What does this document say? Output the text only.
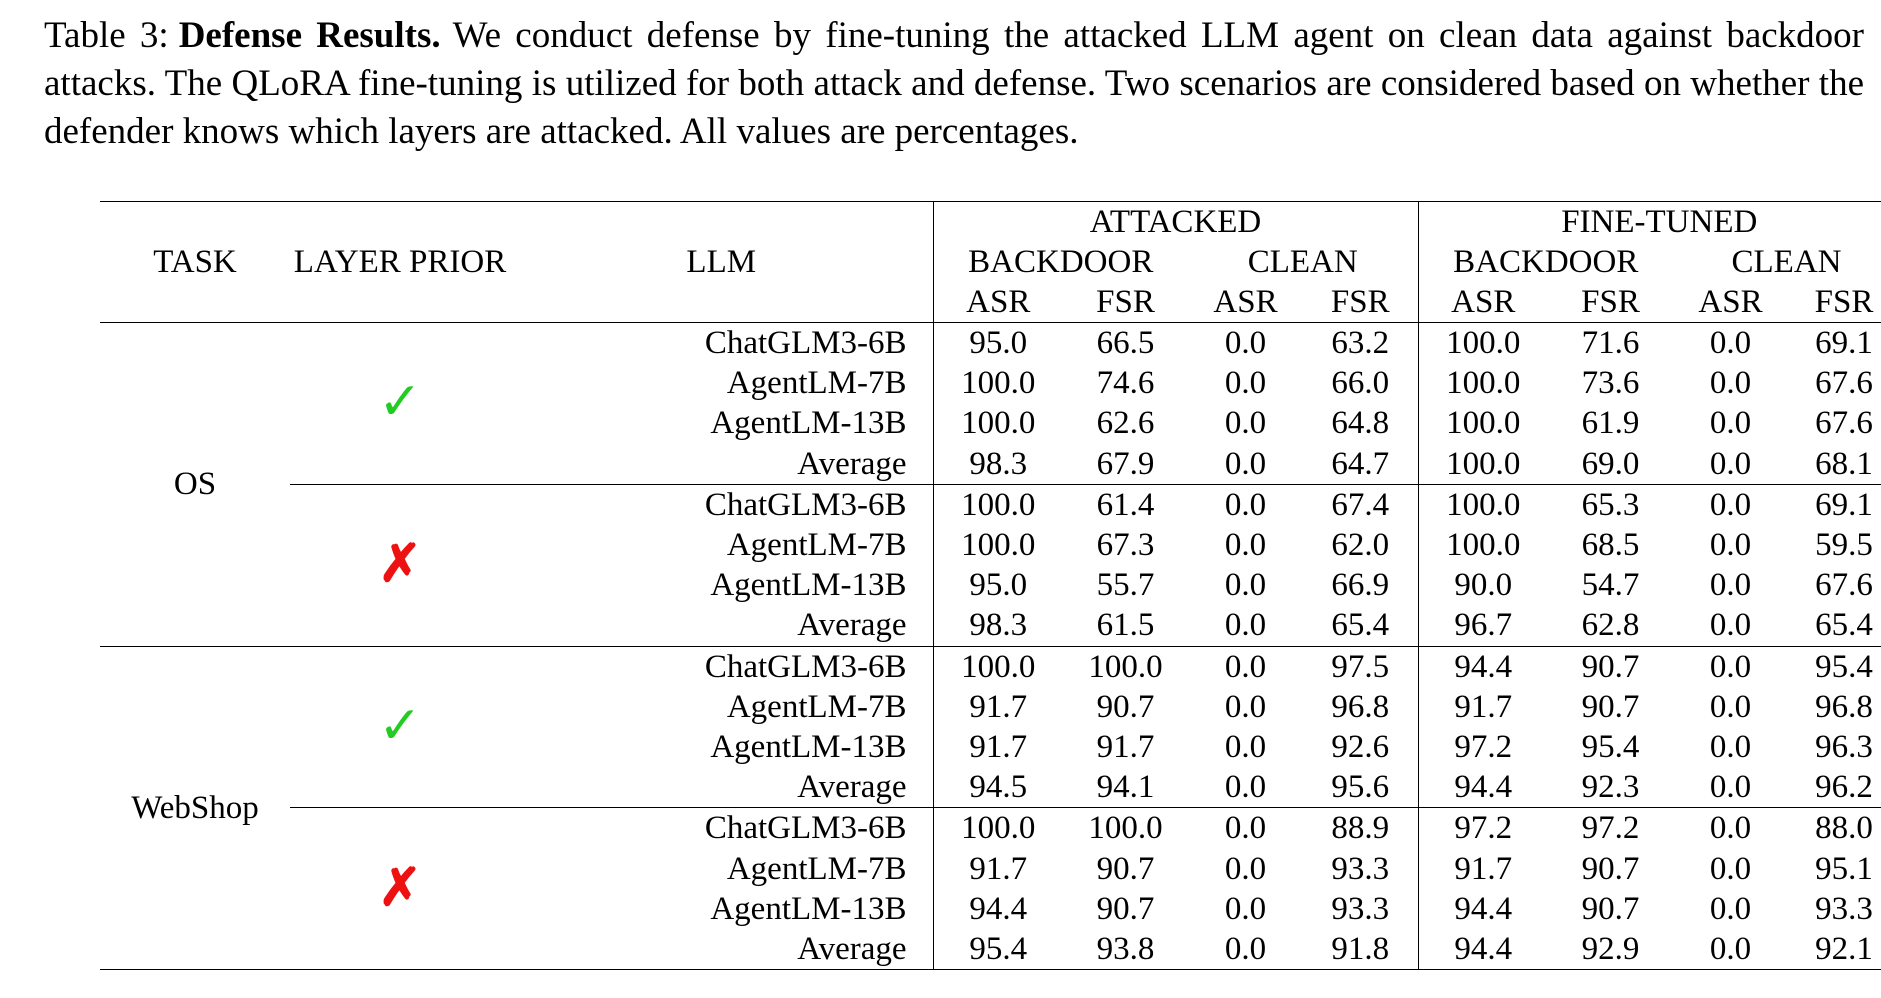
Table 3: Defense Results. We conduct defense by fine-tuning the attacked LLM agent on clean data against backdoor attacks. The QLoRA fine-tuning is utilized for both attack and defense. Two scenarios are considered based on whether the defender knows which layers are attacked. All values are percentages.
TASK	LAYER PRIOR	LLM	ATTACKED				FINE-TUNED			
			BACKDOOR		CLEAN		BACKDOOR		CLEAN	
			ASR	FSR	ASR	FSR	ASR	FSR	ASR	FSR
OS	✓	ChatGLM3-6B	95.0	66.5	0.0	63.2	100.0	71.6	0.0	69.1
		AgentLM-7B	100.0	74.6	0.0	66.0	100.0	73.6	0.0	67.6
		AgentLM-13B	100.0	62.6	0.0	64.8	100.0	61.9	0.0	67.6
		Average	98.3	67.9	0.0	64.7	100.0	69.0	0.0	68.1
	✗	ChatGLM3-6B	100.0	61.4	0.0	67.4	100.0	65.3	0.0	69.1
		AgentLM-7B	100.0	67.3	0.0	62.0	100.0	68.5	0.0	59.5
		AgentLM-13B	95.0	55.7	0.0	66.9	90.0	54.7	0.0	67.6
		Average	98.3	61.5	0.0	65.4	96.7	62.8	0.0	65.4
WebShop	✓	ChatGLM3-6B	100.0	100.0	0.0	97.5	94.4	90.7	0.0	95.4
		AgentLM-7B	91.7	90.7	0.0	96.8	91.7	90.7	0.0	96.8
		AgentLM-13B	91.7	91.7	0.0	92.6	97.2	95.4	0.0	96.3
		Average	94.5	94.1	0.0	95.6	94.4	92.3	0.0	96.2
	✗	ChatGLM3-6B	100.0	100.0	0.0	88.9	97.2	97.2	0.0	88.0
		AgentLM-7B	91.7	90.7	0.0	93.3	91.7	90.7	0.0	95.1
		AgentLM-13B	94.4	90.7	0.0	93.3	94.4	90.7	0.0	93.3
		Average	95.4	93.8	0.0	91.8	94.4	92.9	0.0	92.1
